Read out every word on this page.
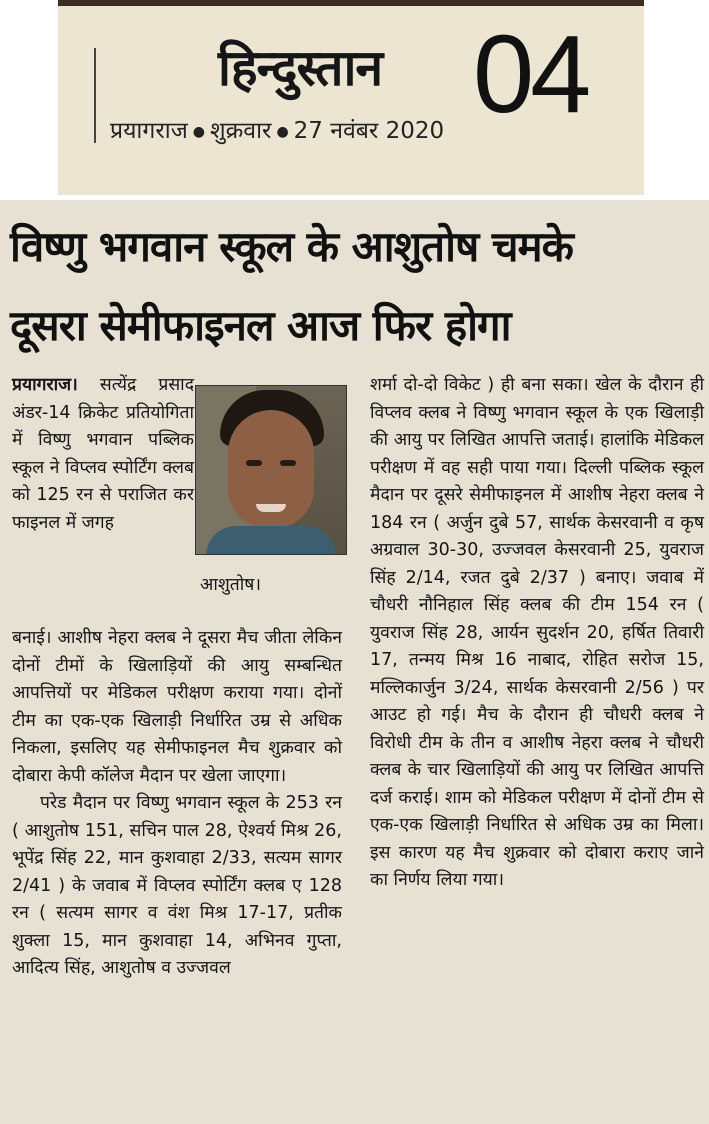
हिन्दुस्तान
प्रयागराज ● शुक्रवार ● 27 नवंबर 2020 04
विष्णु भगवान स्कूल के आशुतोष चमके
दूसरा सेमीफाइनल आज फिर होगा

प्रयागराज। सत्येंद्र प्रसाद अंडर-14 क्रिकेट प्रतियोगिता में विष्णु भगवान पब्लिक स्कूल ने विप्लव स्पोर्टिंग क्लब को 125 रन से पराजित कर फाइनल में जगह

आशुतोष।

बनाई। आशीष नेहरा क्लब ने दूसरा मैच जीता लेकिन दोनों टीमों के खिलाड़ियों की आयु सम्बन्धित आपत्तियों पर मेडिकल परीक्षण कराया गया। दोनों टीम का एक-एक खिलाड़ी निर्धारित उम्र से अधिक निकला, इसलिए यह सेमीफाइनल मैच शुक्रवार को दोबारा केपी कॉलेज मैदान पर खेला जाएगा।

परेड मैदान पर विष्णु भगवान स्कूल के 253 रन ( आशुतोष 151, सचिन पाल 28, ऐश्वर्य मिश्र 26, भूपेंद्र सिंह 22, मान कुशवाहा 2/33, सत्यम सागर 2/41 ) के जवाब में विप्लव स्पोर्टिंग क्लब ए 128 रन ( सत्यम सागर व वंश मिश्र 17-17, प्रतीक शुक्ला 15, मान कुशवाहा 14, अभिनव गुप्ता, आदित्य सिंह, आशुतोष व उज्जवल

शर्मा दो-दो विकेट ) ही बना सका। खेल के दौरान ही विप्लव क्लब ने विष्णु भगवान स्कूल के एक खिलाड़ी की आयु पर लिखित आपत्ति जताई। हालांकि मेडिकल परीक्षण में वह सही पाया गया। दिल्ली पब्लिक स्कूल मैदान पर दूसरे सेमीफाइनल में आशीष नेहरा क्लब ने 184 रन ( अर्जुन दुबे 57, सार्थक केसरवानी व कृष अग्रवाल 30-30, उज्जवल केसरवानी 25, युवराज सिंह 2/14, रजत दुबे 2/37 ) बनाए। जवाब में चौधरी नौनिहाल सिंह क्लब की टीम 154 रन ( युवराज सिंह 28, आर्यन सुदर्शन 20, हर्षित तिवारी 17, तन्मय मिश्र 16 नाबाद, रोहित सरोज 15, मल्लिकार्जुन 3/24, सार्थक केसरवानी 2/56 ) पर आउट हो गई। मैच के दौरान ही चौधरी क्लब ने विरोधी टीम के तीन व आशीष नेहरा क्लब ने चौधरी क्लब के चार खिलाड़ियों की आयु पर लिखित आपत्ति दर्ज कराई। शाम को मेडिकल परीक्षण में दोनों टीम से एक-एक खिलाड़ी निर्धारित से अधिक उम्र का मिला। इस कारण यह मैच शुक्रवार को दोबारा कराए जाने का निर्णय लिया गया।
